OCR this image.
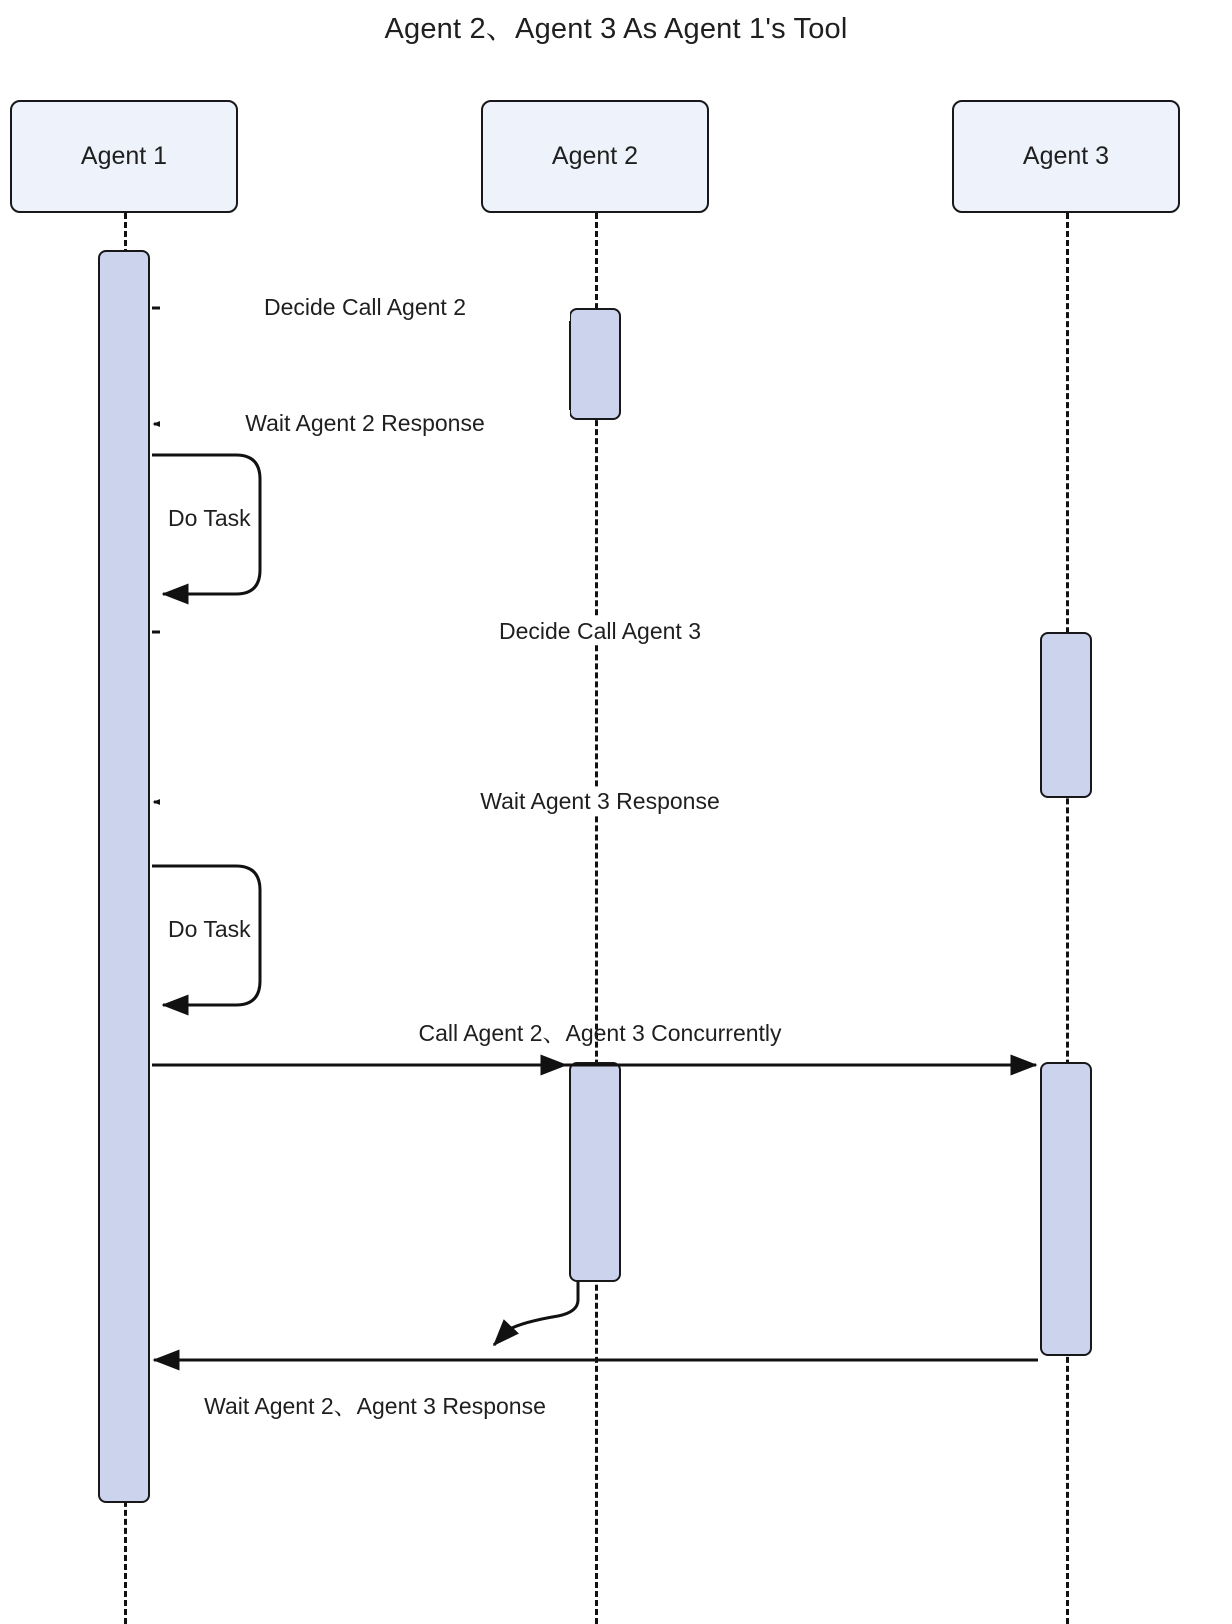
Agent 2、Agent 3 As Agent 1's Tool
Agent 1	Agent 2	Agent 3
Decide Call Agent 2
Wait Agent 2 Response
Do Task
Decide Call Agent 3
Wait Agent 3 Response
Do Task
Call Agent 2、Agent 3 Concurrently
Wait Agent 2、Agent 3 Response
